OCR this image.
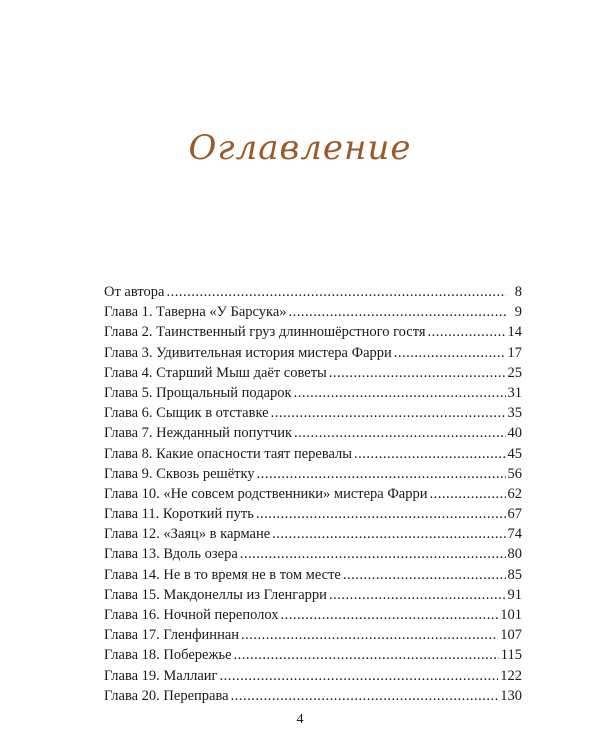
Оглавление
От автора .....	8
Глава 1. Таверна «У Барсука» .....	9
Глава 2. Таинственный груз длинношёрстного гостя .....	14
Глава 3. Удивительная история мистера Фарри .....	17
Глава 4. Старший Мыш даёт советы .....	25
Глава 5. Прощальный подарок .....	31
Глава 6. Сыщик в отставке .....	35
Глава 7. Нежданный попутчик .....	40
Глава 8. Какие опасности таят перевалы .....	45
Глава 9. Сквозь решётку .....	56
Глава 10. «Не совсем родственники» мистера Фарри .....	62
Глава 11. Короткий путь .....	67
Глава 12. «Заяц» в кармане .....	74
Глава 13. Вдоль озера .....	80
Глава 14. Не в то время не в том месте .....	85
Глава 15. Макдонеллы из Гленгарри .....	91
Глава 16. Ночной переполох .....	101
Глава 17. Гленфиннан .....	107
Глава 18. Побережье .....	115
Глава 19. Маллаиг .....	122
Глава 20. Переправа .....	130
4
